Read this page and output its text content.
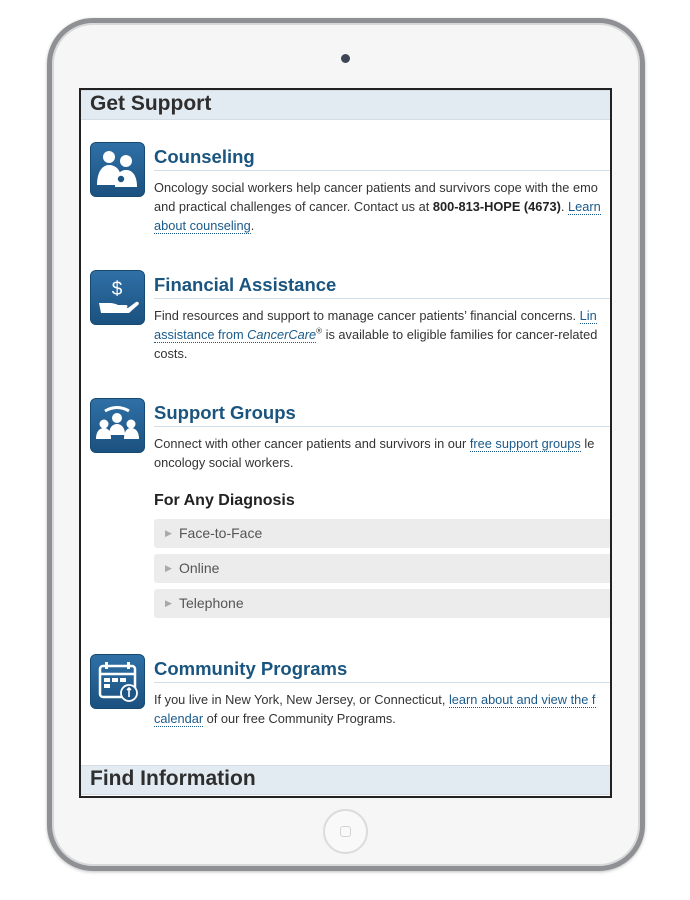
Get Support
Counseling
Oncology social workers help cancer patients and survivors cope with the emo
and practical challenges of cancer. Contact us at 800-813-HOPE (4673). Learn
about counseling.
$ Financial Assistance
Find resources and support to manage cancer patients’ financial concerns. Lin
assistance from CancerCare® is available to eligible families for cancer-related
costs.
Support Groups
Connect with other cancer patients and survivors in our free support groups le
oncology social workers.
For Any Diagnosis
▶ Face-to-Face
▶ Online
▶ Telephone
Community Programs
If you live in New York, New Jersey, or Connecticut, learn about and view the f
calendar of our free Community Programs.
Find Information
